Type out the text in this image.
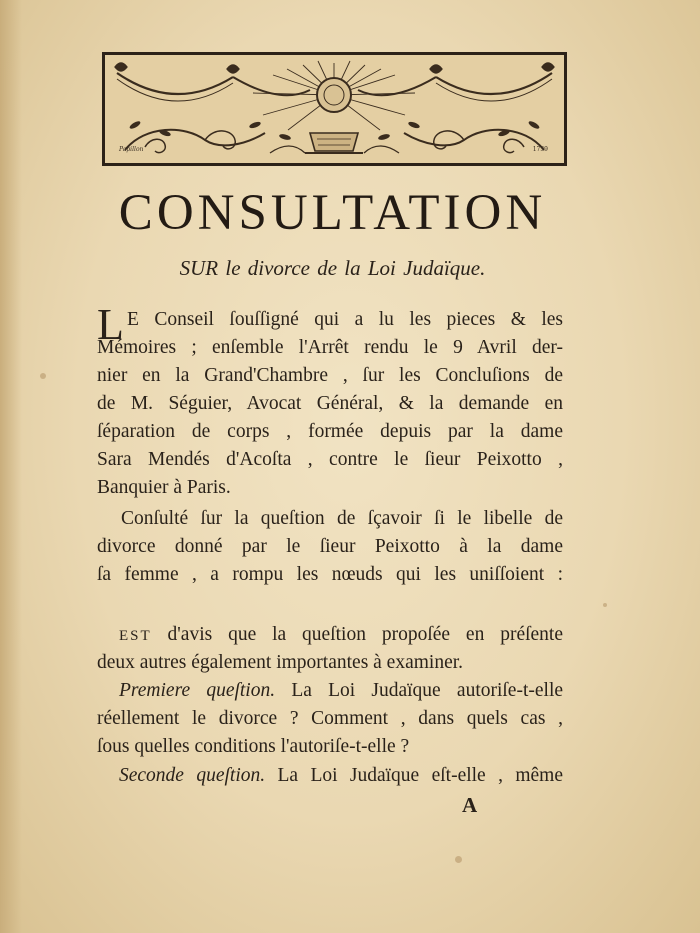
Papillon	1739
CONSULTATION
SUR le divorce de la Loi Judaïque.
L E Conseil ſouſſigné qui a lu les pieces & les
Mémoires ; enſemble l'Arrêt rendu le 9 Avril der-
nier en la Grand'Chambre , ſur les Concluſions de
de M. Séguier, Avocat Général, & la demande en
ſéparation de corps , formée depuis par la dame
Sara Mendés d'Acoſta , contre le ſieur Peixotto ,
Banquier à Paris.
Conſulté ſur la queſtion de ſçavoir ſi le libelle de
divorce donné par le ſieur Peixotto à la dame
ſa femme , a rompu les nœuds qui les uniſſoient :
EST d'avis que la queſtion propoſée en préſente
deux autres également importantes à examiner.
Premiere queſtion. La Loi Judaïque autoriſe-t-elle
réellement le divorce ? Comment , dans quels cas ,
ſous quelles conditions l'autoriſe-t-elle ?
Seconde queſtion. La Loi Judaïque eſt-elle , même
A
